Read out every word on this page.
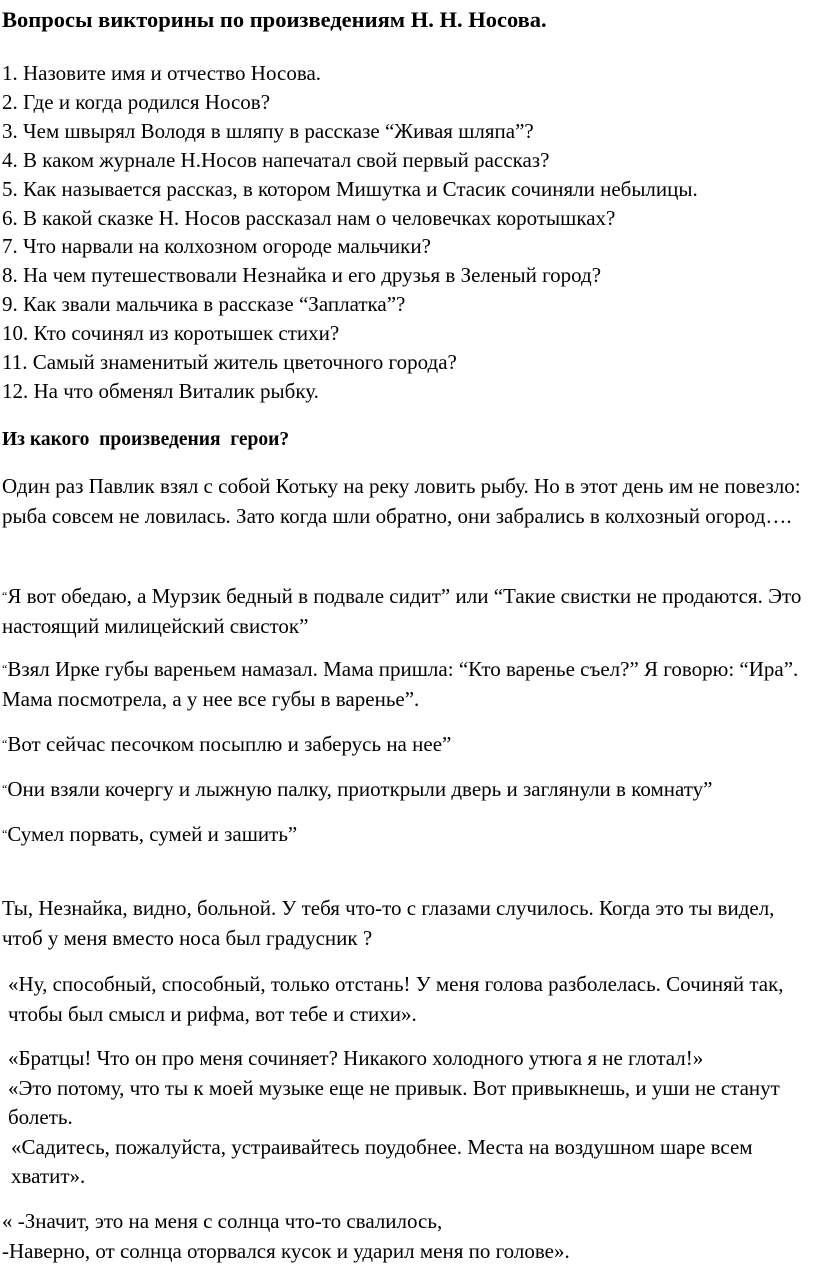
Вопросы викторины по произведениям Н. Н. Носова.
1. Назовите имя и отчество Носова.
2. Где и когда родился Носов?
3. Чем швырял Володя в шляпу в рассказе “Живая шляпа”?
4. В каком журнале Н.Носов напечатал свой первый рассказ?
5. Как называется рассказ, в котором Мишутка и Стасик сочиняли небылицы.
6. В какой сказке Н. Носов рассказал нам о человечках коротышках?
7. Что нарвали на колхозном огороде мальчики?
8. На чем путешествовали Незнайка и его друзья в Зеленый город?
9. Как звали мальчика в рассказе “Заплатка”?
10. Кто сочинял из коротышек стихи?
11. Самый знаменитый житель цветочного города?
12. На что обменял Виталик рыбку.
Из какого  произведения  герои?

Один раз Павлик взял с собой Котьку на реку ловить рыбу. Но в этот день им не повезло: рыба совсем не ловилась. Зато когда шли обратно, они забрались в колхозный огород….

“Я вот обедаю, а Мурзик бедный в подвале сидит” или “Такие свистки не продаются. Это настоящий милицейский свисток”

“Взял Ирке губы вареньем намазал. Мама пришла: “Кто варенье съел?” Я говорю: “Ира”. Мама посмотрела, а у нее все губы в варенье”.

“Вот сейчас песочком посыплю и заберусь на нее”

“Они взяли кочергу и лыжную палку, приоткрыли дверь и заглянули в комнату”

“Сумел порвать, сумей и зашить”

Ты, Незнайка, видно, больной. У тебя что-то с глазами случилось. Когда это ты видел, чтоб у меня вместо носа был градусник ?

«Ну, способный, способный, только отстань! У меня голова разболелась. Сочиняй так, чтобы был смысл и рифма, вот тебе и стихи».

«Братцы! Что он про меня сочиняет? Никакого холодного утюга я не глотал!»
«Это потому, что ты к моей музыке еще не привык. Вот привыкнешь, и уши не станут болеть.
«Садитесь, пожалуйста, устраивайтесь поудобнее. Места на воздушном шаре всем хватит».
« -Значит, это на меня с солнца что-то свалилось,
-Наверно, от солнца оторвался кусок и ударил меня по голове».
